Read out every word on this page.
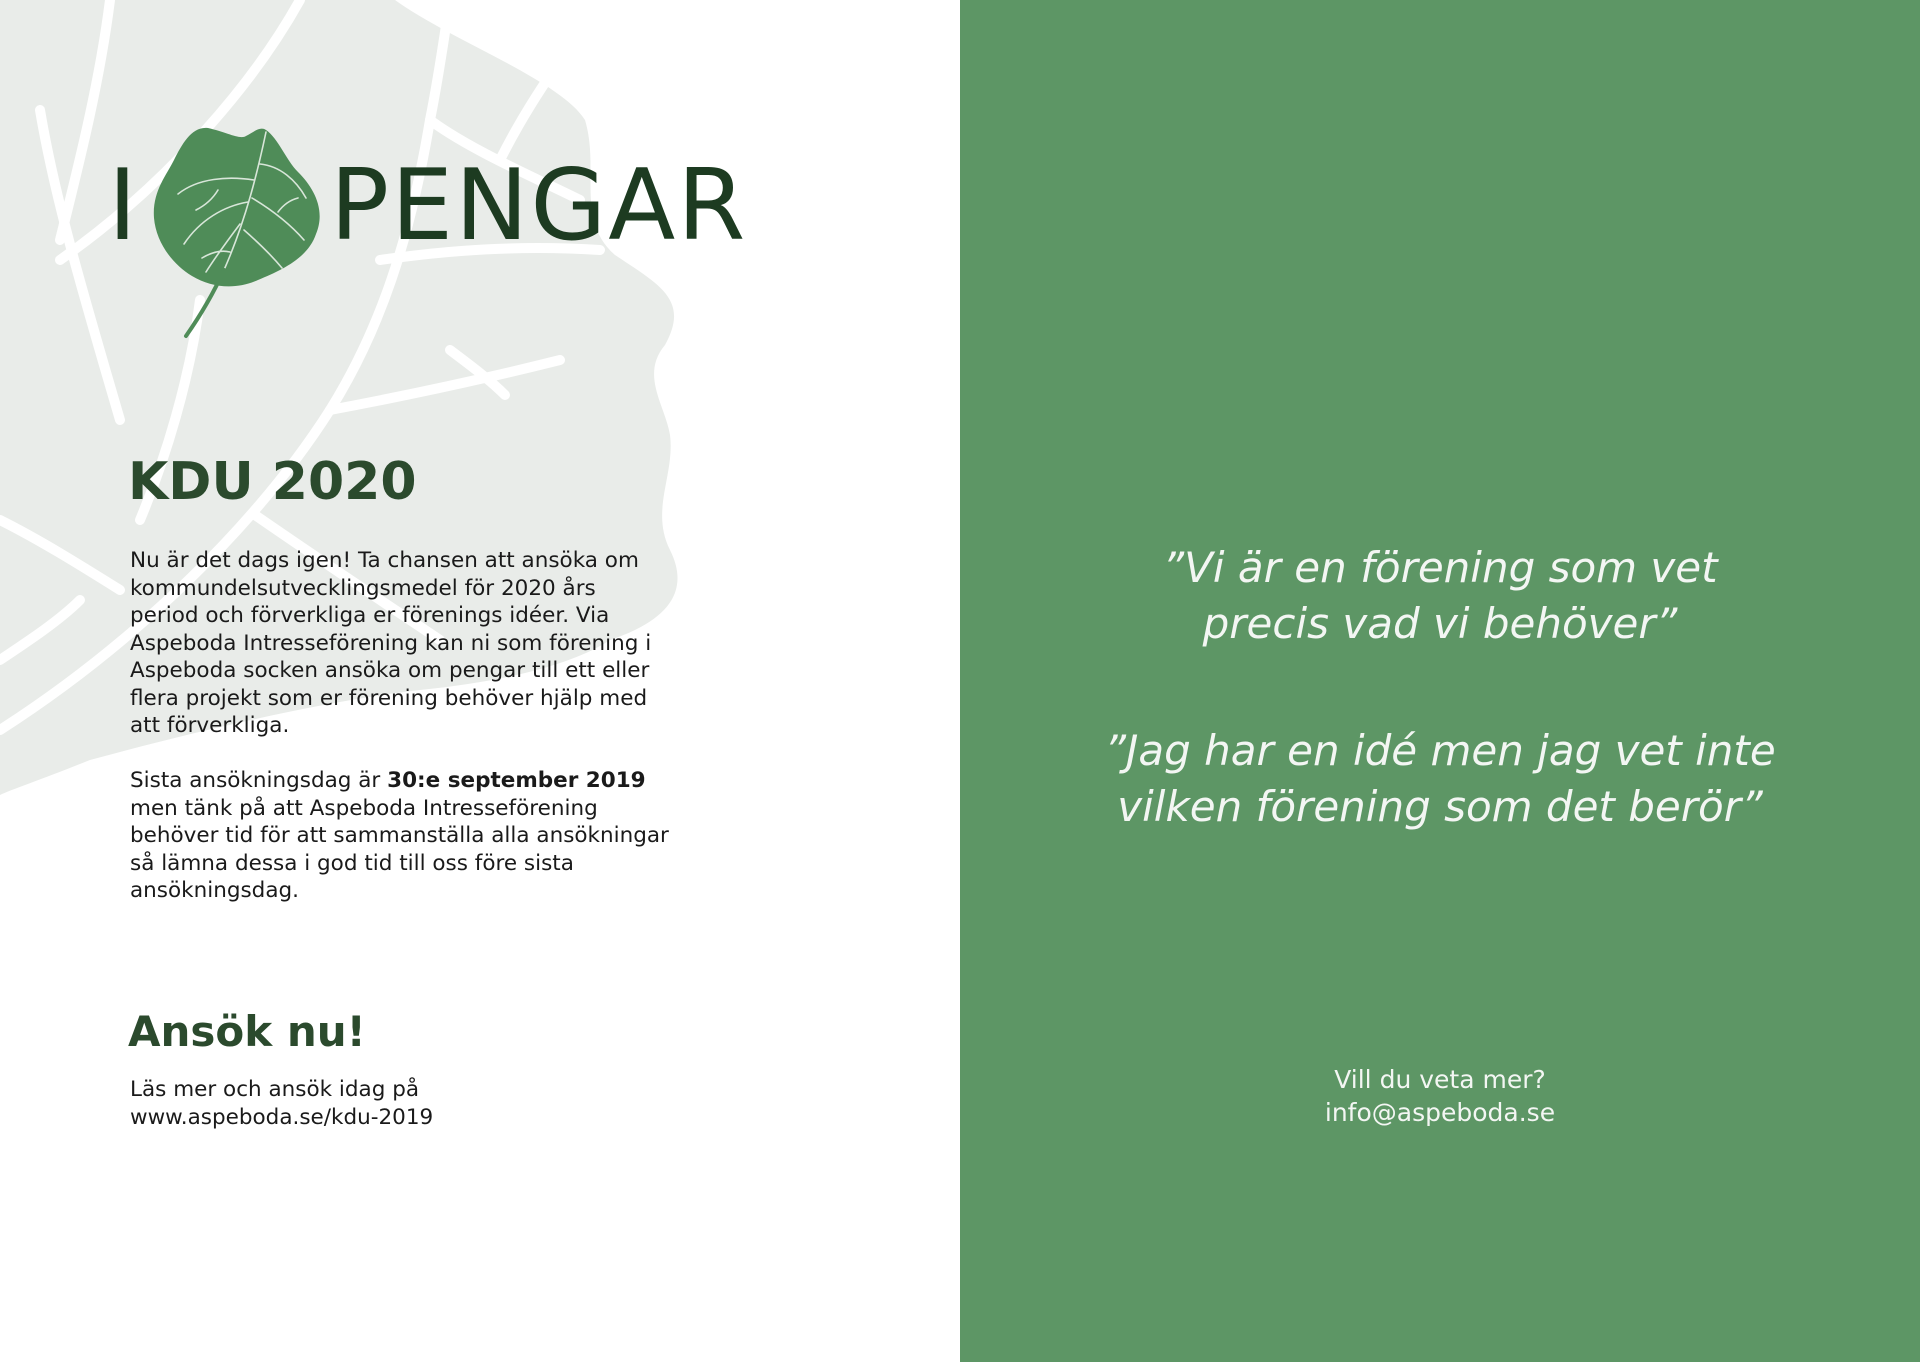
I PENGAR
KDU 2020

Nu är det dags igen! Ta chansen att ansöka om kommundelsutvecklingsmedel för 2020 års period och förverkliga er förenings idéer. Via Aspeboda Intresseförening kan ni som förening i Aspeboda socken ansöka om pengar till ett eller flera projekt som er förening behöver hjälp med att förverkliga.

Sista ansökningsdag är 30:e september 2019 men tänk på att Aspeboda Intresseförening behöver tid för att sammanställa alla ansökningar så lämna dessa i god tid till oss före sista ansökningsdag.

Ansök nu!

Läs mer och ansök idag på
www.aspeboda.se/kdu-2019

”Vi är en förening som vet
precis vad vi behöver”

”Jag har en idé men jag vet inte
vilken förening som det berör”

Vill du veta mer?
info@aspeboda.se
